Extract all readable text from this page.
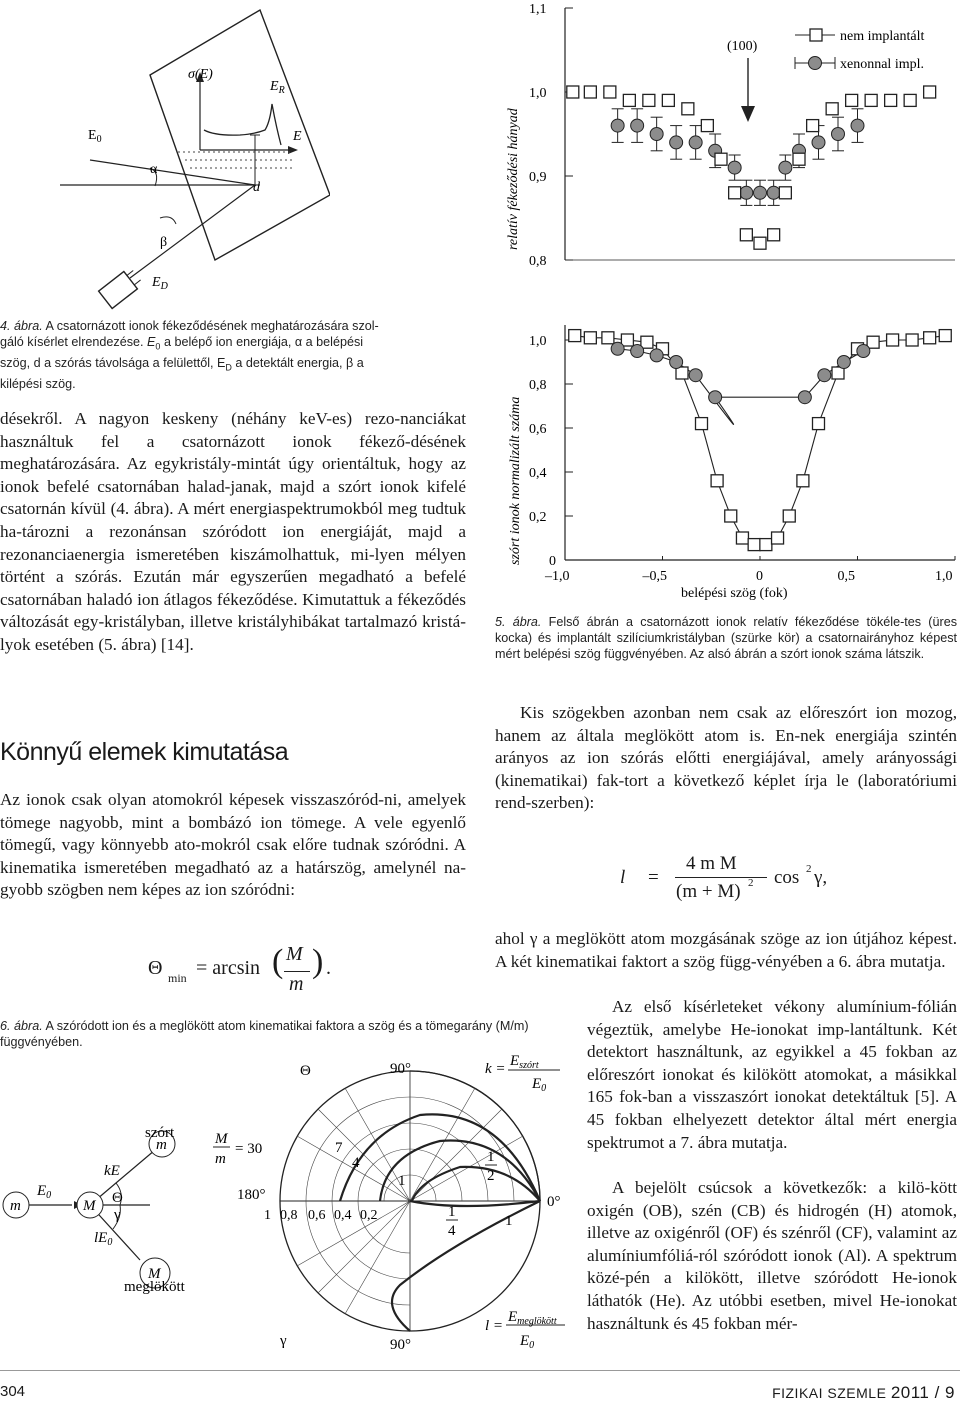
$E_0$
α
β
d
E
$E_R$
σ(E)
$E_D$
4. ábra. A csatornázott ionok fékeződésének meghatározására szol-
gáló kísérlet elrendezése. $E_0$ a belépő ion energiája, α a belépési
szög, d a szórás távolsága a felülettől, $E_D$ a detektált energia, β a
kilépési szög.
désekről. A nagyon keskeny (néhány keV-es) rezo-nanciákat használtuk fel a csatornázott ionok fékező-désének meghatározására. Az egykristály-mintát úgy orientáltuk, hogy az ionok befelé csatornában halad-janak, majd a szórt ionok kifelé csatornán kívül (4. ábra). A mért energiaspektrumokból meg tudtuk ha-tározni a rezonánsan szóródott ion energiáját, majd a rezonanciaenergia ismeretében kiszámolhattuk, mi-lyen mélyen történt a szórás. Ezután már egyszerűen megadható a befelé csatornában haladó ion átlagos fékeződése. Kimutattuk a fékeződés változását egy-kristályban, illetve kristályhibákat tartalmazó kristá-lyok esetében (5. ábra) [14].
Könnyű elemek kimutatása
Az ionok csak olyan atomokról képesek visszaszóród-ni, amelyek tömege nagyobb, mint a bombázó ion tömege. A vele egyenlő tömegű, vagy könnyebb ato-mokról csak előre tudnak szóródni. A kinematika ismeretében megadható az a határszög, amelynél na-gyobb szögben nem képes az ion szóródni:
Θ min = arcsin ( M
m
) .
1,1
1,0
0,9
0,8
1,0
0,8
0,6
0,4
0,2
0
–1,0	–0,5	0	0,5	1,0
relatív fékeződési hányad
szórt ionok normalizált száma
(100)
nem implantált
xenonnal impl.
belépési szög (fok)
5. ábra. Felső ábrán a csatornázott ionok relatív fékeződése tökéle-tes (üres kocka) és implantált szilíciumkristályban (szürke kör) a csatornairányhoz képest mért belépési szög függvényében. Az alsó ábrán a szórt ionok száma látszik.
Kis szögekben azonban nem csak az előreszórt ion mozog, hanem az általa meglökött atom is. En-nek energiája szintén arányos az ion szórás előtti energiájával, amely arányossági (kinematikai) fak-tort a következő képlet írja le (laboratóriumi rend-szerben):
l =
4 m M
(m + M) 2 cos 2 γ,
ahol γ a meglökött atom mozgásának szöge az ion útjához képest. A két kinematikai faktort a szög függ-vényében a 6. ábra mutatja.
Az első kísérleteket vékony alumínium-fólián végeztük, amelybe He-ionokat imp-lantáltunk. Két detektort használtunk, az egyikkel a 45 fokban az előreszórt ionokat és kilökött atomokat, a másikkal 165 fok-ban a visszaszórt ionokat detektáltuk [5]. A 45 fokban elhelyezett detektor által mért energia spektrumot a 7. ábra mutatja.
A bejelölt csúcsok a következők: a kilö-kött oxigén (OB), szén (CB) és hidrogén (H) atomok, illetve az oxigénről (OF) és szénről (CF), valamint az alumíniumfóliá-ról szóródott ionok (Al). A spektrum közé-pén a kilökött, illetve szóródott He-ionok láthatók (He). Az utóbbi esetben, mivel He-ionokat használtunk és 45 fokban mér-
6. ábra. A szóródott ion és a meglökött atom kinematikai faktora a szög és a tömegarány (M/m) függvényében.
m
$E_0$
M
kE
Θ
γ
$lE_0$
szórt
m
M
meglökött
M
m
= 30
Θ	90°
180°	0°
γ	90°
7
4
1
1 0,8 0,6 0,4 0,2
$k = E_{szórt}$
$E_0$
1
2
1
4
1
l =
$E_{meglökött}$
$E_0$
304	FIZIKAI SZEMLE 2011 / 9
